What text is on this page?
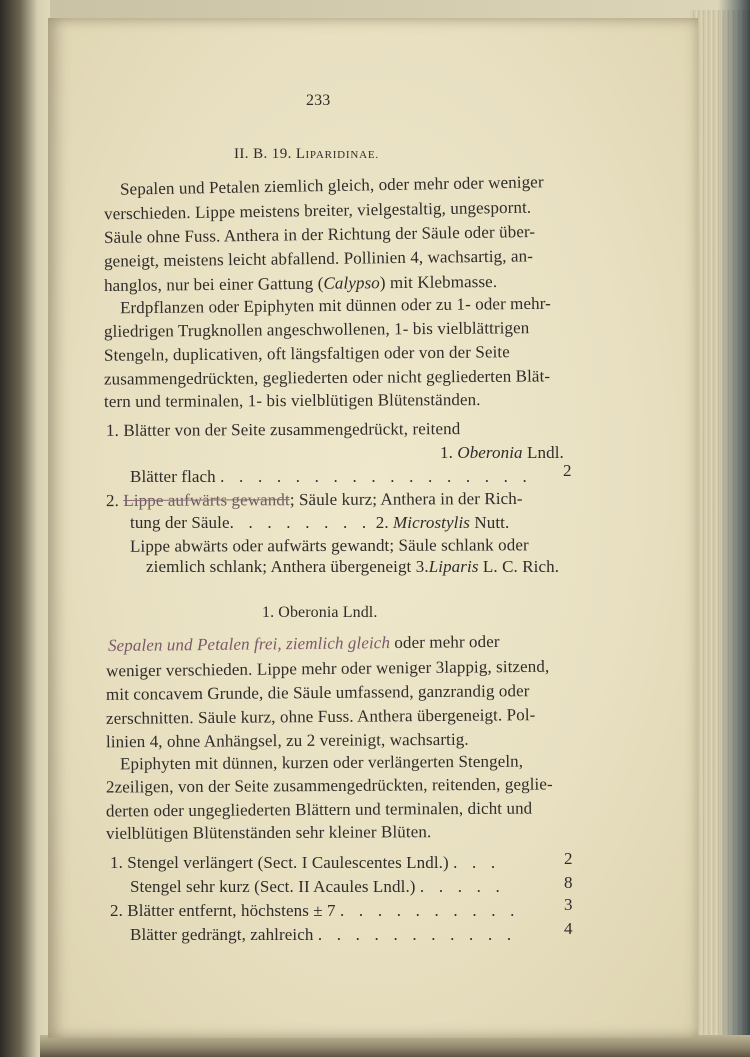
233
II. B. 19. LIPARIDINAE.
Sepalen und Petalen ziemlich gleich, oder mehr oder weniger
verschieden. Lippe meistens breiter, vielgestaltig, ungespornt.
Säule ohne Fuss. Anthera in der Richtung der Säule oder über-
geneigt, meistens leicht abfallend. Pollinien 4, wachsartig, an-
hanglos, nur bei einer Gattung (Calypso) mit Klebmasse.
Erdpflanzen oder Epiphyten mit dünnen oder zu 1- oder mehr-
gliedrigen Trugknollen angeschwollenen, 1- bis vielblättrigen
Stengeln, duplicativen, oft längsfaltigen oder von der Seite
zusammengedrückten, gegliederten oder nicht gegliederten Blät-
tern und terminalen, 1- bis vielblütigen Blütenständen.
1. Blätter von der Seite zusammengedrückt, reitend
1. Oberonia Lndl.
Blätter flach . . . . . . . . . . . . . . . . . 2
2. Lippe aufwärts gewandt; Säule kurz; Anthera in der Rich-
tung der Säule. . . . . . . . 2. Microstylis Nutt.
Lippe abwärts oder aufwärts gewandt; Säule schlank oder
ziemlich schlank; Anthera übergeneigt 3.Liparis L. C. Rich.
1. Oberonia Lndl.
Sepalen und Petalen frei, ziemlich gleich oder mehr oder
weniger verschieden. Lippe mehr oder weniger 3lappig, sitzend,
mit concavem Grunde, die Säule umfassend, ganzrandig oder
zerschnitten. Säule kurz, ohne Fuss. Anthera übergeneigt. Pol-
linien 4, ohne Anhängsel, zu 2 vereinigt, wachsartig.
Epiphyten mit dünnen, kurzen oder verlängerten Stengeln,
2zeiligen, von der Seite zusammengedrückten, reitenden, geglie-
derten oder ungegliederten Blättern und terminalen, dicht und
vielblütigen Blütenständen sehr kleiner Blüten.
1. Stengel verlängert (Sect. I Caulescentes Lndl.) . . .	2
Stengel sehr kurz (Sect. II Acaules Lndl.) . . . . .	8
2. Blätter entfernt, höchstens ± 7 . . . . . . . . . .	3
Blätter gedrängt, zahlreich . . . . . . . . . . .	4
